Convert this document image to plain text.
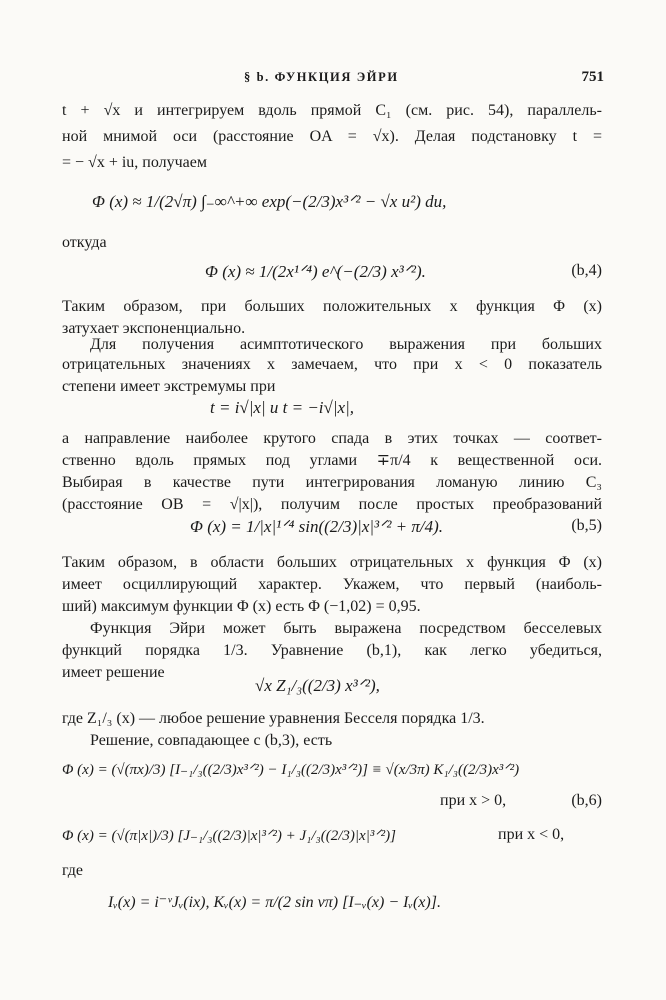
§ b. ФУНКЦИЯ ЭЙРИ	751
t + √x и интегрируем вдоль прямой C₁ (см. рис. 54), параллель-
ной мнимой оси (расстояние OA = √x). Делая подстановку t =
= − √x + iu, получаем
Φ (x) ≈ 1/(2√π) ∫₋∞^+∞ exp(−(2/3)x³ᐟ² − √x u²) du,
откуда
Φ (x) ≈ 1/(2x¹ᐟ⁴) e^(−(2/3) x³ᐟ²).	(b,4)
Таким образом, при больших положительных x функция Φ (x)
затухает экспоненциально.
Для получения асимптотического выражения при больших
отрицательных значениях x замечаем, что при x < 0 показатель
степени имеет экстремумы при
t = i√|x| и t = −i√|x|,
а направление наиболее крутого спада в этих точках — соответ-
ственно вдоль прямых под углами ∓π/4 к вещественной оси.
Выбирая в качестве пути интегрирования ломаную линию C₃
(расстояние OB = √|x|), получим после простых преобразований
Φ (x) = 1/|x|¹ᐟ⁴ sin((2/3)|x|³ᐟ² + π/4).	(b,5)
Таким образом, в области больших отрицательных x функция Φ (x)
имеет осциллирующий характер. Укажем, что первый (наиболь-
ший) максимум функции Φ (x) есть Φ (−1,02) = 0,95.
Функция Эйри может быть выражена посредством бесселевых
функций порядка 1/3. Уравнение (b,1), как легко убедиться,
имеет решение
√x Z₁/₃((2/3) x³ᐟ²),
где Z₁/₃ (x) — любое решение уравнения Бесселя порядка 1/3.
Решение, совпадающее с (b,3), есть
Φ (x) = (√(πx)/3) [I₋₁/₃((2/3)x³ᐟ²) − I₁/₃((2/3)x³ᐟ²)] ≡ √(x/3π) K₁/₃((2/3)x³ᐟ²)
при x > 0,	(b,6)
Φ (x) = (√(π|x|)/3) [J₋₁/₃((2/3)|x|³ᐟ²) + J₁/₃((2/3)|x|³ᐟ²)]	при x < 0,
где
Iᵥ(x) = i⁻ᵛJᵥ(ix), Kᵥ(x) = π/(2 sin νπ) [I₋ᵥ(x) − Iᵥ(x)].
